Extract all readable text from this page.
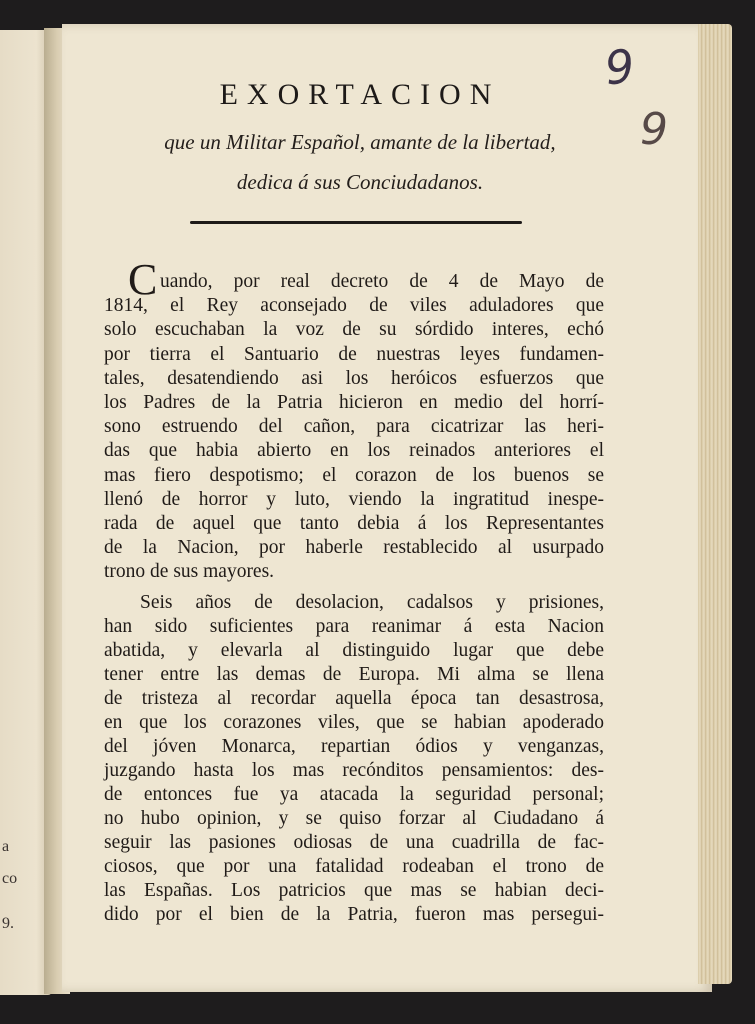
a
co
9.
9
9
EXORTACION

que un Militar Español, amante de la libertad,

dedica á sus Conciudadanos.

C uando, por real decreto de 4 de Mayo de
1814, el Rey aconsejado de viles aduladores que
solo escuchaban la voz de su sórdido interes, echó
por tierra el Santuario de nuestras leyes fundamen-
tales, desatendiendo asi los heróicos esfuerzos que
los Padres de la Patria hicieron en medio del horrí-
sono estruendo del cañon, para cicatrizar las heri-
das que habia abierto en los reinados anteriores el
mas fiero despotismo; el corazon de los buenos se
llenó de horror y luto, viendo la ingratitud inespe-
rada de aquel que tanto debia á los Representantes
de la Nacion, por haberle restablecido al usurpado
trono de sus mayores.
Seis años de desolacion, cadalsos y prisiones,
han sido suficientes para reanimar á esta Nacion
abatida, y elevarla al distinguido lugar que debe
tener entre las demas de Europa. Mi alma se llena
de tristeza al recordar aquella época tan desastrosa,
en que los corazones viles, que se habian apoderado
del jóven Monarca, repartian ódios y venganzas,
juzgando hasta los mas recónditos pensamientos: des-
de entonces fue ya atacada la seguridad personal;
no hubo opinion, y se quiso forzar al Ciudadano á
seguir las pasiones odiosas de una cuadrilla de fac-
ciosos, que por una fatalidad rodeaban el trono de
las Españas. Los patricios que mas se habian deci-
dido por el bien de la Patria, fueron mas persegui-
